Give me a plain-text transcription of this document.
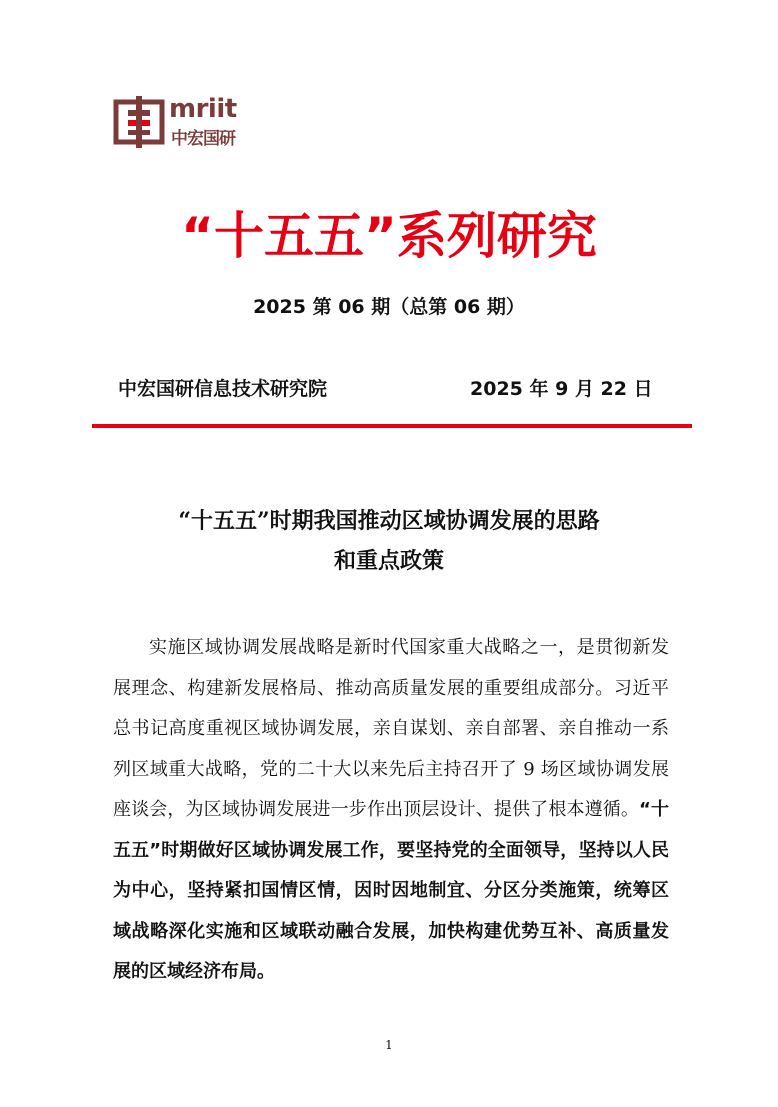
mriit
中宏国研
“十五五”系列研究
2025 第 06 期（总第 06 期）
中宏国研信息技术研究院	2025 年 9 月 22 日
“十五五”时期我国推动区域协调发展的思路
和重点政策

实施区域协调发展战略是新时代国家重大战略之一，是贯彻新发展理念、构建新发展格局、推动高质量发展的重要组成部分。习近平总书记高度重视区域协调发展，亲自谋划、亲自部署、亲自推动一系列区域重大战略，党的二十大以来先后主持召开了 9 场区域协调发展座谈会，为区域协调发展进一步作出顶层设计、提供了根本遵循。“十五五”时期做好区域协调发展工作，要坚持党的全面领导，坚持以人民为中心，坚持紧扣国情区情，因时因地制宜、分区分类施策，统筹区域战略深化实施和区域联动融合发展，加快构建优势互补、高质量发展的区域经济布局。

1
